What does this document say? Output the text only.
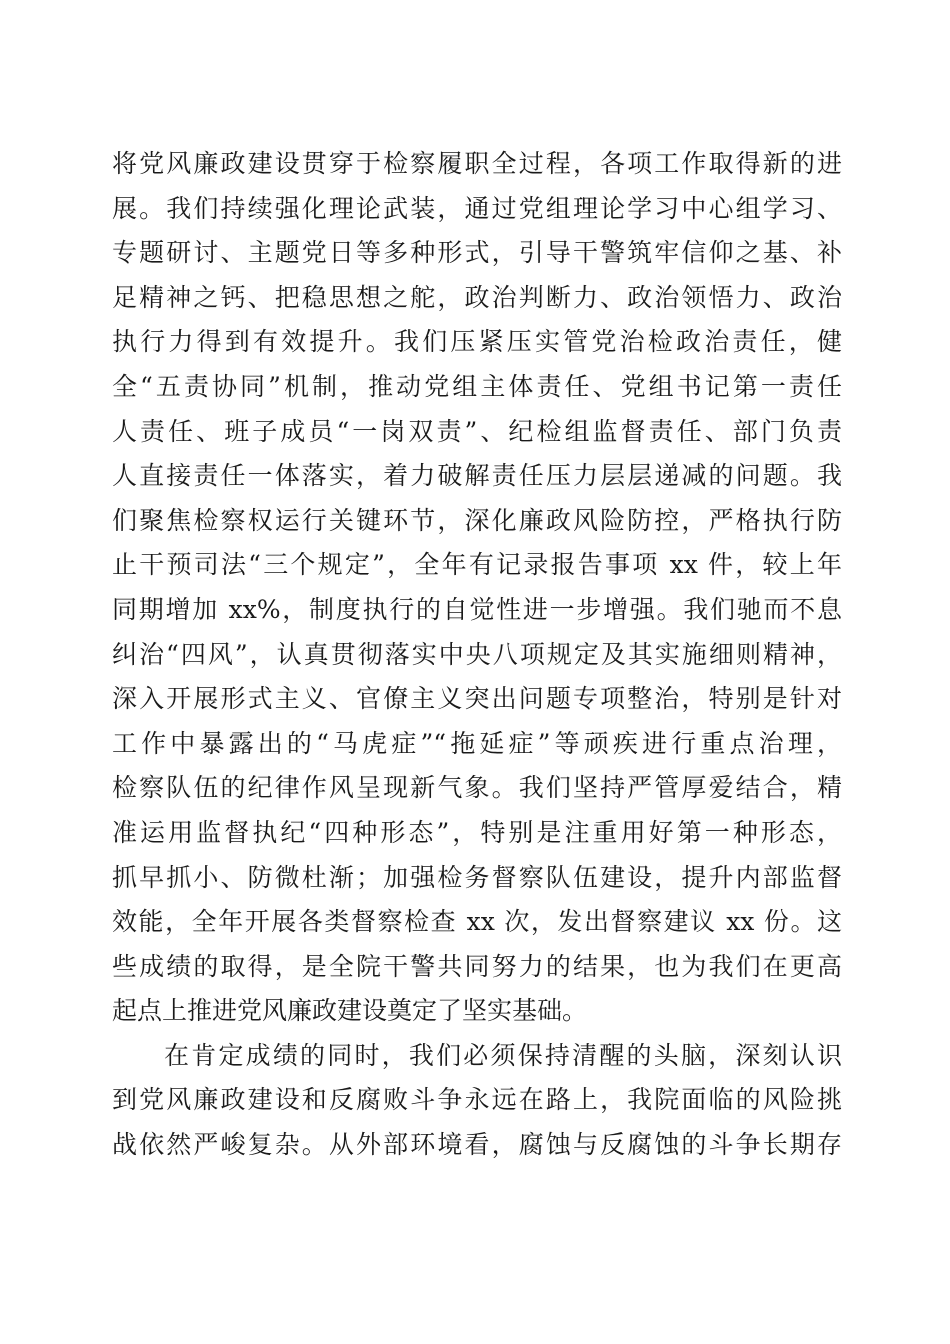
将党风廉政建设贯穿于检察履职全过程，各项工作取得新的进
展。我们持续强化理论武装，通过党组理论学习中心组学习、
专题研讨、主题党日等多种形式，引导干警筑牢信仰之基、补
足精神之钙、把稳思想之舵，政治判断力、政治领悟力、政治
执行力得到有效提升。我们压紧压实管党治检政治责任，健
全“五责协同”机制，推动党组主体责任、党组书记第一责任
人责任、班子成员“一岗双责”、纪检组监督责任、部门负责
人直接责任一体落实，着力破解责任压力层层递减的问题。我
们聚焦检察权运行关键环节，深化廉政风险防控，严格执行防
止干预司法“三个规定”，全年有记录报告事项 xx 件，较上年
同期增加 xx%，制度执行的自觉性进一步增强。我们驰而不息
纠治“四风”，认真贯彻落实中央八项规定及其实施细则精神，
深入开展形式主义、官僚主义突出问题专项整治，特别是针对
工作中暴露出的“马虎症”“拖延症”等顽疾进行重点治理，
检察队伍的纪律作风呈现新气象。我们坚持严管厚爱结合，精
准运用监督执纪“四种形态”，特别是注重用好第一种形态，
抓早抓小、防微杜渐；加强检务督察队伍建设，提升内部监督
效能，全年开展各类督察检查 xx 次，发出督察建议 xx 份。这
些成绩的取得，是全院干警共同努力的结果，也为我们在更高
起点上推进党风廉政建设奠定了坚实基础。
在肯定成绩的同时，我们必须保持清醒的头脑，深刻认识
到党风廉政建设和反腐败斗争永远在路上，我院面临的风险挑
战依然严峻复杂。从外部环境看，腐蚀与反腐蚀的斗争长期存
